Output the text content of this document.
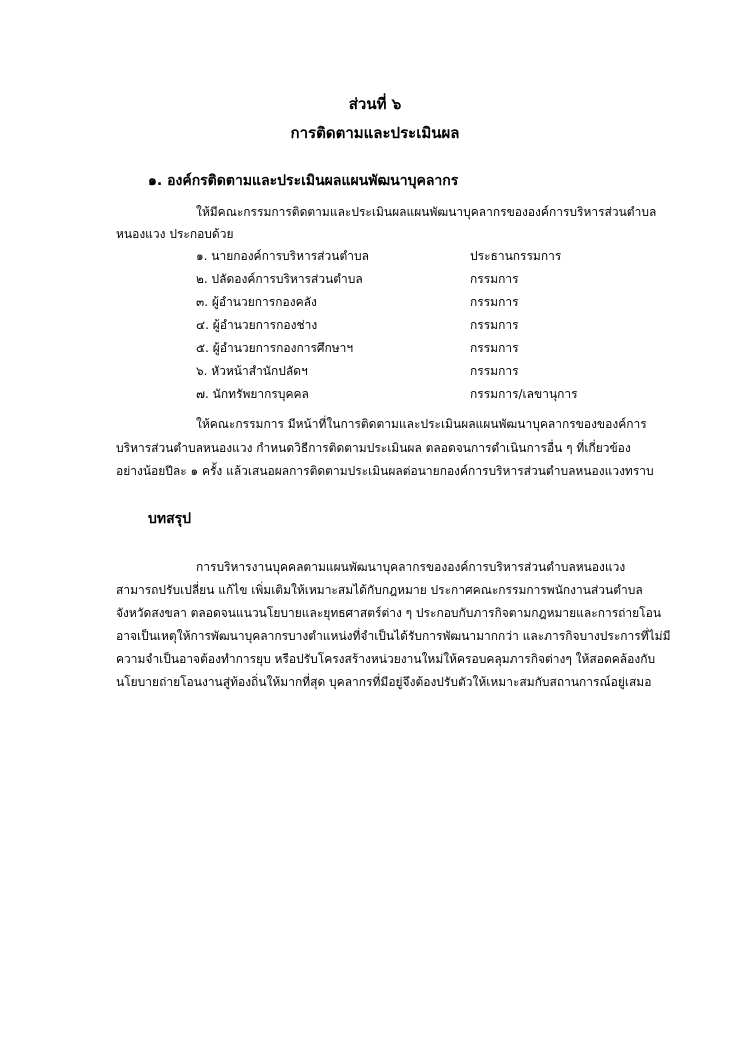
ส่วนที่ ๖
การติดตามและประเมินผล
๑. องค์กรติดตามและประเมินผลแผนพัฒนาบุคลากร
ให้มีคณะกรรมการติดตามและประเมินผลแผนพัฒนาบุคลากรขององค์การบริหารส่วนตำบล
หนองแวง ประกอบด้วย
๑. นายกองค์การบริหารส่วนตำบล	ประธานกรรมการ
๒. ปลัดองค์การบริหารส่วนตำบล	กรรมการ
๓. ผู้อำนวยการกองคลัง	กรรมการ
๔. ผู้อำนวยการกองช่าง	กรรมการ
๕. ผู้อำนวยการกองการศึกษาฯ	กรรมการ
๖. หัวหน้าสำนักปลัดฯ	กรรมการ
๗. นักทรัพยากรบุคคล	กรรมการ/เลขานุการ
ให้คณะกรรมการ มีหน้าที่ในการติดตามและประเมินผลแผนพัฒนาบุคลากรของของค์การ
บริหารส่วนตำบลหนองแวง กำหนดวิธีการติดตามประเมินผล ตลอดจนการดำเนินการอื่น ๆ ที่เกี่ยวข้อง
อย่างน้อยปีละ ๑ ครั้ง แล้วเสนอผลการติดตามประเมินผลต่อนายกองค์การบริหารส่วนตำบลหนองแวงทราบ
บทสรุป
การบริหารงานบุคคลตามแผนพัฒนาบุคลากรขององค์การบริหารส่วนตำบลหนองแวง
สามารถปรับเปลี่ยน แก้ไข เพิ่มเติมให้เหมาะสมได้กับกฎหมาย ประกาศคณะกรรมการพนักงานส่วนตำบล
จังหวัดสงขลา ตลอดจนแนวนโยบายและยุทธศาสตร์ต่าง ๆ ประกอบกับภารกิจตามกฎหมายและการถ่ายโอน
อาจเป็นเหตุให้การพัฒนาบุคลากรบางตำแหน่งที่จำเป็นได้รับการพัฒนามากกว่า และภารกิจบางประการที่ไม่มี
ความจำเป็นอาจต้องทำการยุบ หรือปรับโครงสร้างหน่วยงานใหม่ให้ครอบคลุมภารกิจต่างๆ ให้สอดคล้องกับ
นโยบายถ่ายโอนงานสู่ท้องถิ่นให้มากที่สุด บุคลากรที่มีอยู่จึงต้องปรับตัวให้เหมาะสมกับสถานการณ์อยู่เสมอ
